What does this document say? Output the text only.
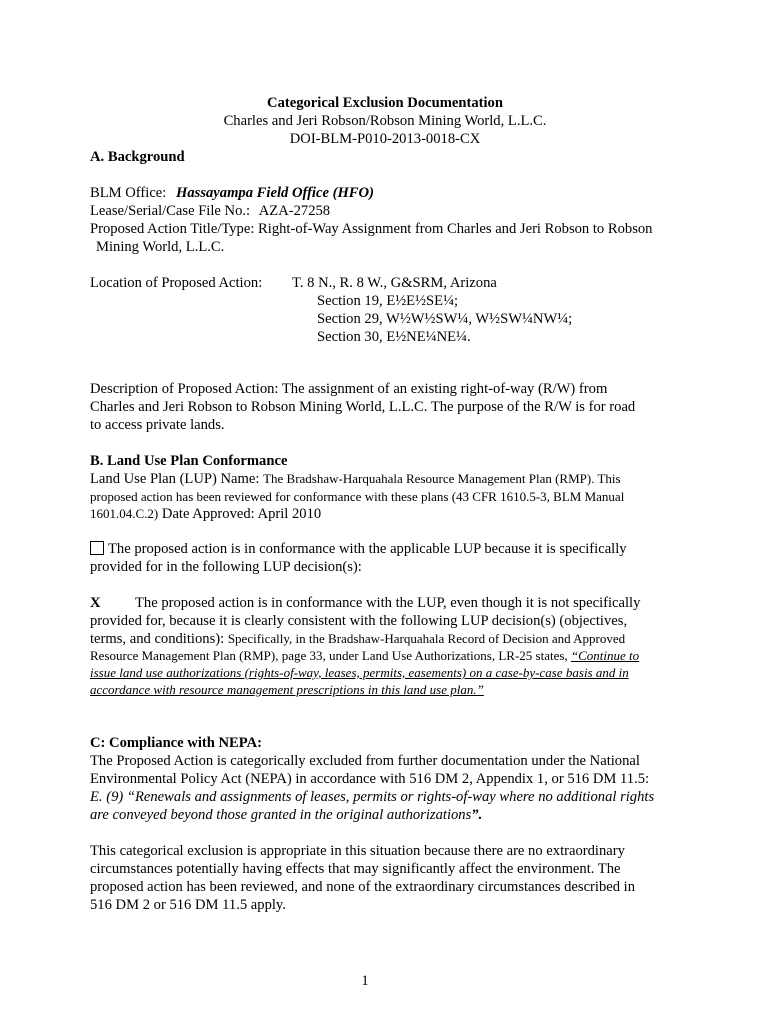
Categorical Exclusion Documentation
Charles and Jeri Robson/Robson Mining World, L.L.C.
DOI-BLM-P010-2013-0018-CX
A. Background
BLM Office: Hassayampa Field Office (HFO)
Lease/Serial/Case File No.: AZA-27258
Proposed Action Title/Type: Right-of-Way Assignment from Charles and Jeri Robson to Robson
Mining World, L.L.C.
Location of Proposed Action: T. 8 N., R. 8 W., G&SRM, Arizona
Section 19, E½E½SE¼;
Section 29, W½W½SW¼, W½SW¼NW¼;
Section 30, E½NE¼NE¼.
Description of Proposed Action: The assignment of an existing right-of-way (R/W) from
Charles and Jeri Robson to Robson Mining World, L.L.C. The purpose of the R/W is for road
to access private lands.
B. Land Use Plan Conformance
Land Use Plan (LUP) Name: The Bradshaw-Harquahala Resource Management Plan (RMP). This
proposed action has been reviewed for conformance with these plans (43 CFR 1610.5-3, BLM Manual
1601.04.C.2) Date Approved: April 2010
The proposed action is in conformance with the applicable LUP because it is specifically
provided for in the following LUP decision(s):
X The proposed action is in conformance with the LUP, even though it is not specifically
provided for, because it is clearly consistent with the following LUP decision(s) (objectives,
terms, and conditions): Specifically, in the Bradshaw-Harquahala Record of Decision and Approved
Resource Management Plan (RMP), page 33, under Land Use Authorizations, LR-25 states, “Continue to
issue land use authorizations (rights-of-way, leases, permits, easements) on a case-by-case basis and in
accordance with resource management prescriptions in this land use plan.”
C: Compliance with NEPA:
The Proposed Action is categorically excluded from further documentation under the National
Environmental Policy Act (NEPA) in accordance with 516 DM 2, Appendix 1, or 516 DM 11.5:
E. (9) “Renewals and assignments of leases, permits or rights-of-way where no additional rights
are conveyed beyond those granted in the original authorizations”.
This categorical exclusion is appropriate in this situation because there are no extraordinary
circumstances potentially having effects that may significantly affect the environment. The
proposed action has been reviewed, and none of the extraordinary circumstances described in
516 DM 2 or 516 DM 11.5 apply.
1
